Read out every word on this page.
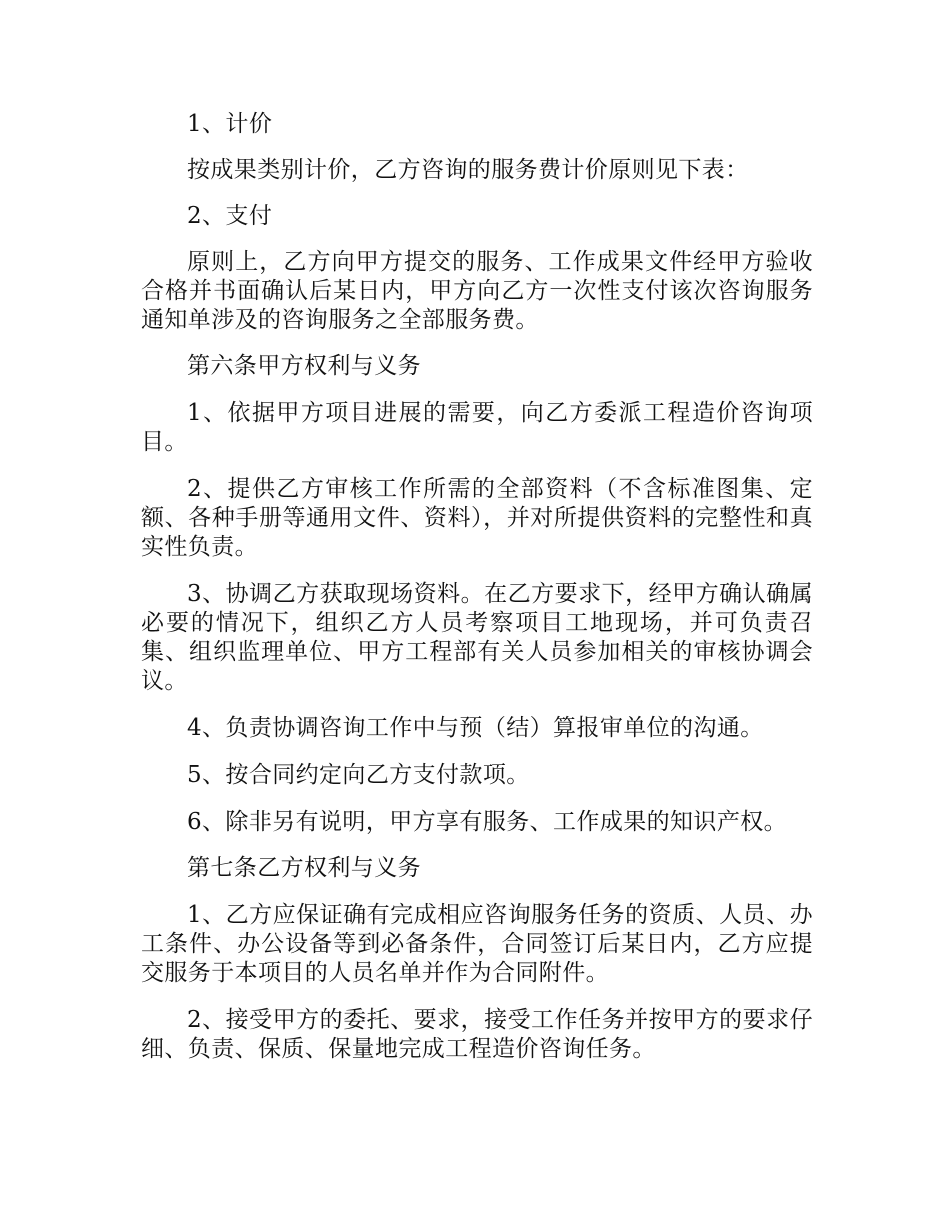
1、计价

按成果类别计价，乙方咨询的服务费计价原则见下表：

2、支付

原则上，乙方向甲方提交的服务、工作成果文件经甲方验收合格并书面确认后某日内，甲方向乙方一次性支付该次咨询服务通知单涉及的咨询服务之全部服务费。

第六条甲方权利与义务

1、依据甲方项目进展的需要，向乙方委派工程造价咨询项目。

2、提供乙方审核工作所需的全部资料（不含标准图集、定额、各种手册等通用文件、资料），并对所提供资料的完整性和真实性负责。

3、协调乙方获取现场资料。在乙方要求下，经甲方确认确属必要的情况下，组织乙方人员考察项目工地现场，并可负责召集、组织监理单位、甲方工程部有关人员参加相关的审核协调会议。

4、负责协调咨询工作中与预（结）算报审单位的沟通。

5、按合同约定向乙方支付款项。

6、除非另有说明，甲方享有服务、工作成果的知识产权。

第七条乙方权利与义务

1、乙方应保证确有完成相应咨询服务任务的资质、人员、办工条件、办公设备等到必备条件，合同签订后某日内，乙方应提交服务于本项目的人员名单并作为合同附件。

2、接受甲方的委托、要求，接受工作任务并按甲方的要求仔细、负责、保质、保量地完成工程造价咨询任务。
